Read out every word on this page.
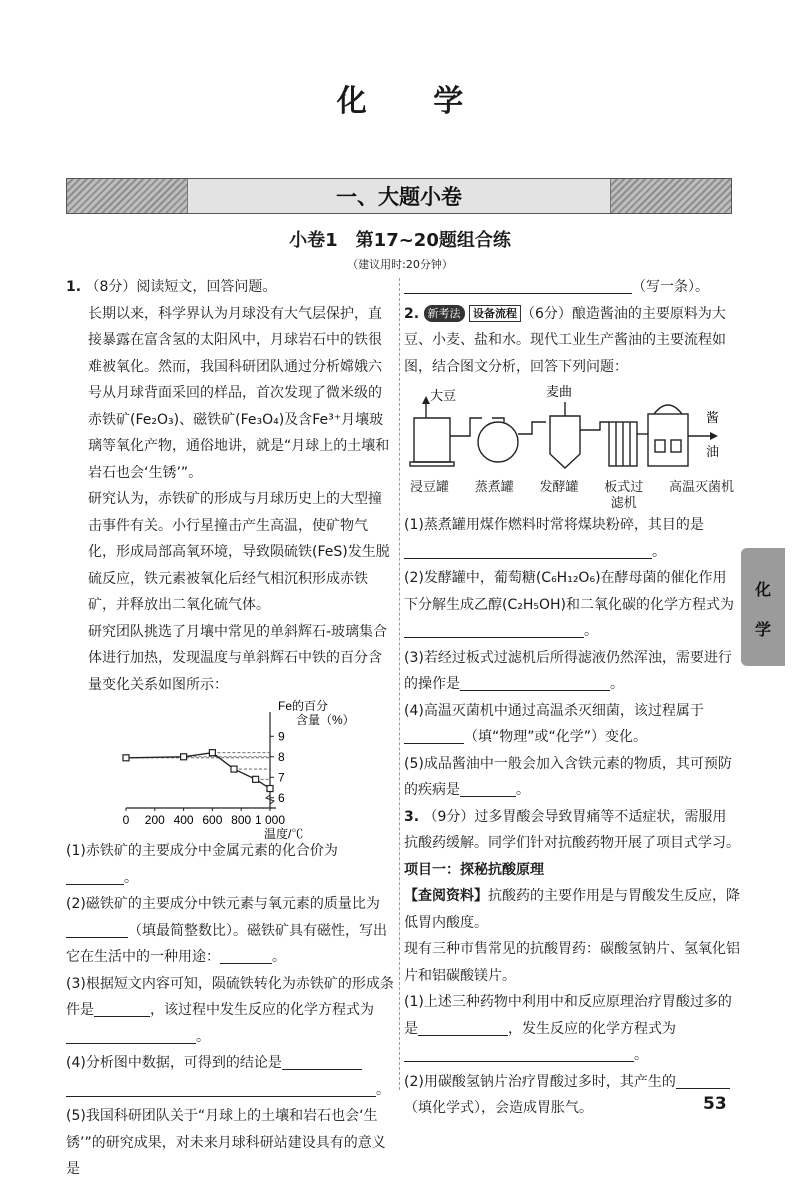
化 学
一、大题小卷
小卷1　第17~20题组合练
（建议用时:20分钟）
1. （8分）阅读短文，回答问题。
长期以来，科学界认为月球没有大气层保护，直接暴露在富含氢的太阳风中，月球岩石中的铁很难被氧化。然而，我国科研团队通过分析嫦娥六号从月球背面采回的样品，首次发现了微米级的赤铁矿(Fe₂O₃)、磁铁矿(Fe₃O₄)及含Fe³⁺月壤玻璃等氧化产物，通俗地讲，就是“月球上的土壤和岩石也会‘生锈’”。
研究认为，赤铁矿的形成与月球历史上的大型撞击事件有关。小行星撞击产生高温，使矿物气化，形成局部高氧环境，导致陨硫铁(FeS)发生脱硫反应，铁元素被氧化后经气相沉积形成赤铁矿，并释放出二氧化硫气体。
研究团队挑选了月壤中常见的单斜辉石-玻璃集合体进行加热，发现温度与单斜辉石中铁的百分含量变化关系如图所示：
6
7
8
9
0 200 400 600 800 1 000
Fe的百分
含量（%）
温度/℃
(1)赤铁矿的主要成分中金属元素的化合价为
。
(2)磁铁矿的主要成分中铁元素与氧元素的质量比为（填最简整数比）。磁铁矿具有磁性，写出它在生活中的一种用途：	。
(3)根据短文内容可知，陨硫铁转化为赤铁矿的形成条件是	，该过程中发生反应的化学方程式为。
(4)分析图中数据，可得到的结论是
。
(5)我国科研团队关于“月球上的土壤和岩石也会‘生锈’”的研究成果，对未来月球科研站建设具有的意义是
（写一条）。
2. 新考法 设备流程 （6分）酿造酱油的主要原料为大豆、小麦、盐和水。现代工业生产酱油的主要流程如图，结合图文分析，回答下列问题：
大豆	麦曲
酱
油
浸豆罐 蒸煮罐 发酵罐 板式过
滤机
高温灭菌机
(1)蒸煮罐用煤作燃料时常将煤块粉碎，其目的是。
(2)发酵罐中，葡萄糖(C₆H₁₂O₆)在酵母菌的催化作用下分解生成乙醇(C₂H₅OH)和二氧化碳的化学方程式为。
(3)若经过板式过滤机后所得滤液仍然浑浊，需要进行的操作是	。
(4)高温灭菌机中通过高温杀灭细菌，该过程属于（填“物理”或“化学”）变化。
(5)成品酱油中一般会加入含铁元素的物质，其可预防的疾病是	。
3. （9分）过多胃酸会导致胃痛等不适症状，需服用抗酸药缓解。同学们针对抗酸药物开展了项目式学习。
项目一：探秘抗酸原理
【查阅资料】抗酸药的主要作用是与胃酸发生反应，降低胃内酸度。
现有三种市售常见的抗酸胃药：碳酸氢钠片、氢氧化铝片和铝碳酸镁片。
(1)上述三种药物中利用中和反应原理治疗胃酸过多的是	，发生反应的化学方程式为。
(2)用碳酸氢钠片治疗胃酸过多时，其产生的（填化学式），会造成胃胀气。
化
学
53
